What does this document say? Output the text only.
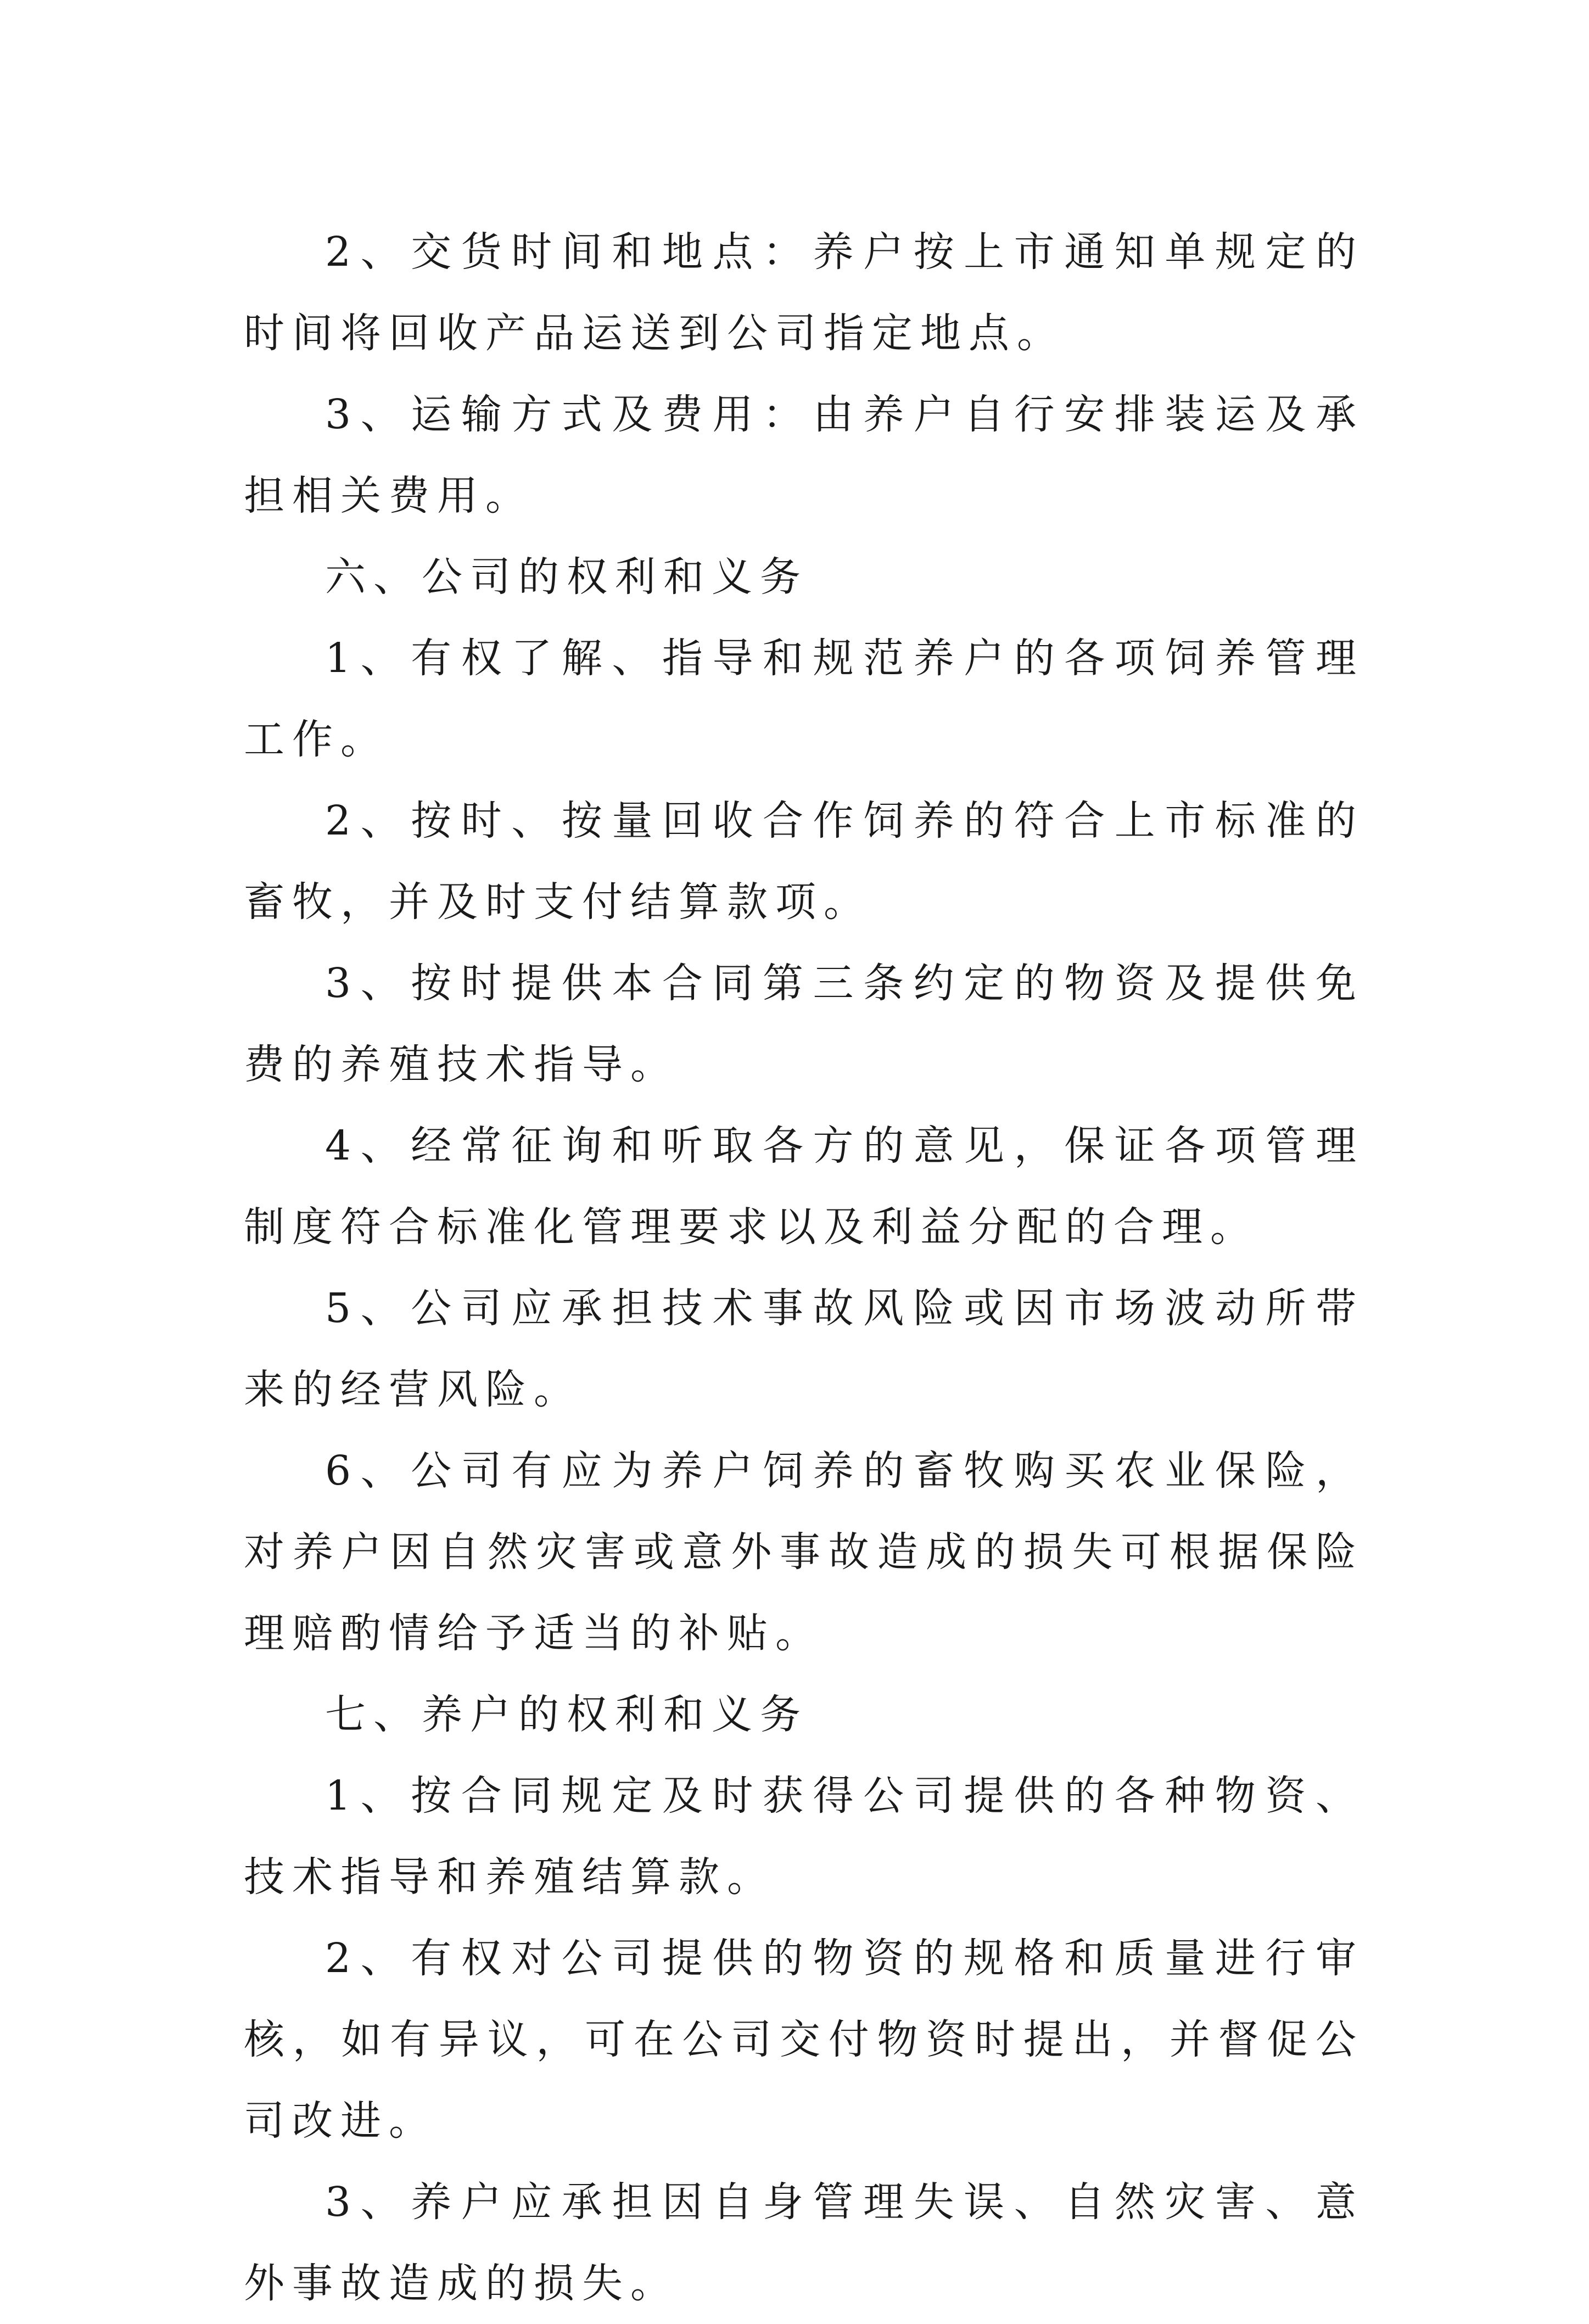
2、交货时间和地点：养户按上市通知单规定的时间将回收产品运送到公司指定地点。

3、运输方式及费用：由养户自行安排装运及承担相关费用。

六、公司的权利和义务

1、有权了解、指导和规范养户的各项饲养管理工作。

2、按时、按量回收合作饲养的符合上市标准的畜牧，并及时支付结算款项。

3、按时提供本合同第三条约定的物资及提供免费的养殖技术指导。

4、经常征询和听取各方的意见，保证各项管理制度符合标准化管理要求以及利益分配的合理。

5、公司应承担技术事故风险或因市场波动所带来的经营风险。

6、公司有应为养户饲养的畜牧购买农业保险，对养户因自然灾害或意外事故造成的损失可根据保险理赔酌情给予适当的补贴。

七、养户的权利和义务

1、按合同规定及时获得公司提供的各种物资、技术指导和养殖结算款。

2、有权对公司提供的物资的规格和质量进行审核，如有异议，可在公司交付物资时提出，并督促公司改进。

3、养户应承担因自身管理失误、自然灾害、意外事故造成的损失。
